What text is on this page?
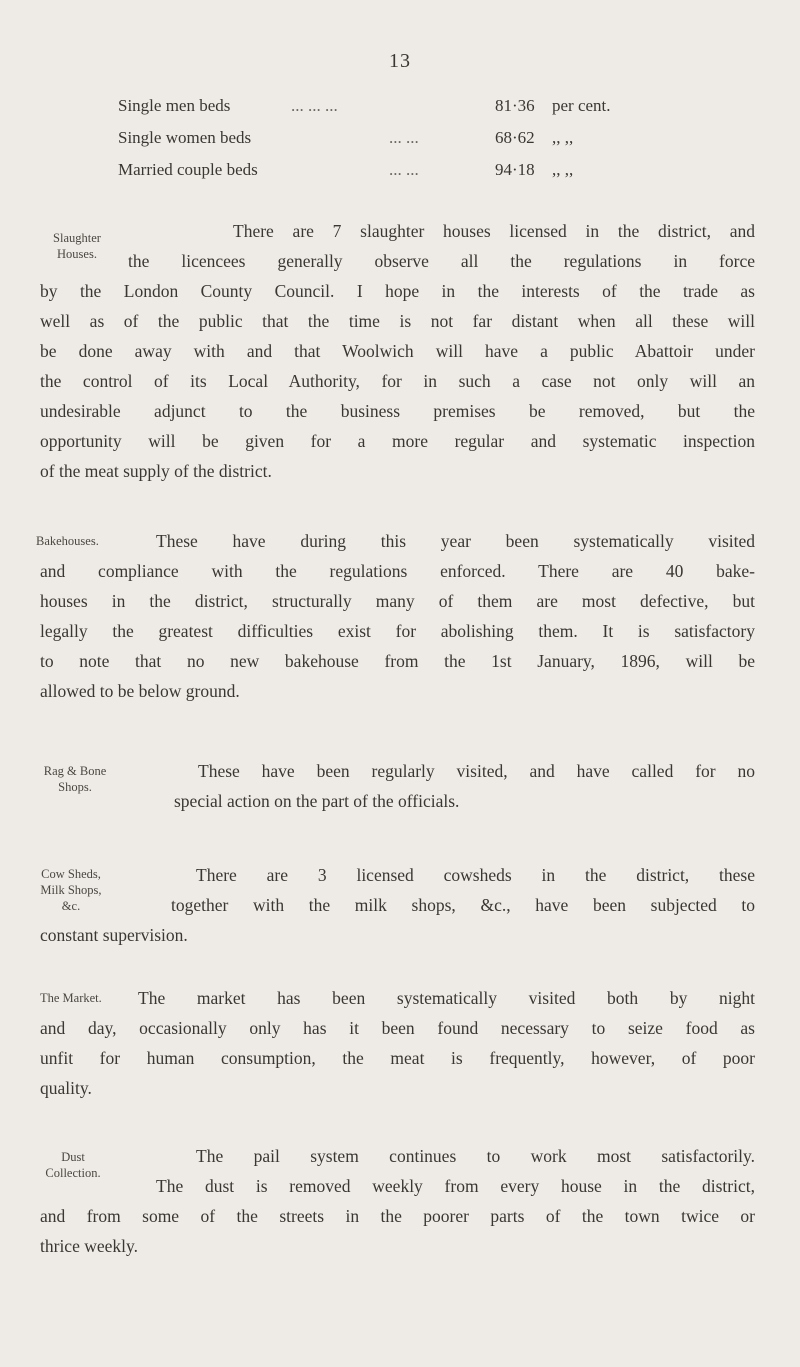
13
Single men beds	... ... ...	81·36 per cent.
Single women beds	... ...	68·62 ,, ,,
Married couple beds	... ...	94·18 ,, ,,
Slaughter
Houses.
There are 7 slaughter houses licensed in the district, and
the licencees generally observe all the regulations in force
by the London County Council. I hope in the interests of the trade as
well as of the public that the time is not far distant when all these will
be done away with and that Woolwich will have a public Abattoir under
the control of its Local Authority, for in such a case not only will an
undesirable adjunct to the business premises be removed, but the
opportunity will be given for a more regular and systematic inspection
of the meat supply of the district.
Bakehouses.	These have during this year been systematically visited
and compliance with the regulations enforced. There are 40 bake-
houses in the district, structurally many of them are most defective, but
legally the greatest difficulties exist for abolishing them. It is satisfactory
to note that no new bakehouse from the 1st January, 1896, will be
allowed to be below ground.
Rag & Bone
Shops.
These have been regularly visited, and have called for no
special action on the part of the officials.
Cow Sheds,
Milk Shops,
&c.
There are 3 licensed cowsheds in the district, these
together with the milk shops, &c., have been subjected to
constant supervision.
The Market.	The market has been systematically visited both by night
and day, occasionally only has it been found necessary to seize food as
unfit for human consumption, the meat is frequently, however, of poor
quality.
Dust
Collection.
The pail system continues to work most satisfactorily.
The dust is removed weekly from every house in the district,
and from some of the streets in the poorer parts of the town twice or
thrice weekly.
